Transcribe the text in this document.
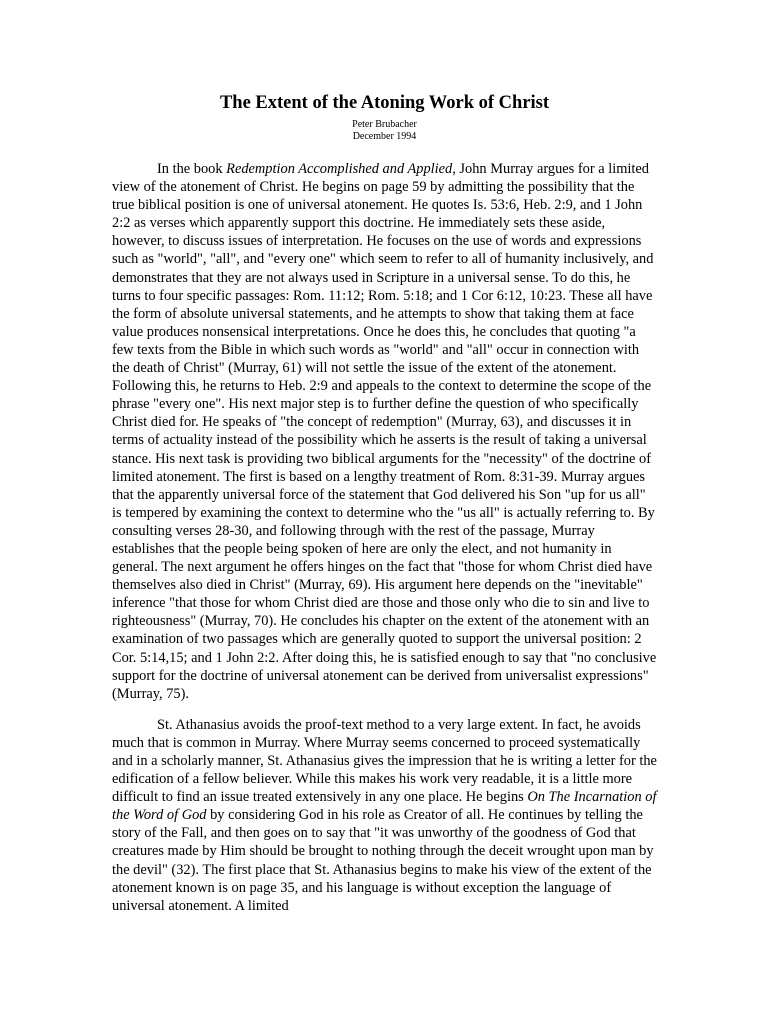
The Extent of the Atoning Work of Christ
Peter Brubacher
December 1994

In the book Redemption Accomplished and Applied, John Murray argues for a limited view of the atonement of Christ. He begins on page 59 by admitting the possibility that the true biblical position is one of universal atonement. He quotes Is. 53:6, Heb. 2:9, and 1 John 2:2 as verses which apparently support this doctrine. He immediately sets these aside, however, to discuss issues of interpretation. He focuses on the use of words and expressions such as "world", "all", and "every one" which seem to refer to all of humanity inclusively, and demonstrates that they are not always used in Scripture in a universal sense. To do this, he turns to four specific passages: Rom. 11:12; Rom. 5:18; and 1 Cor 6:12, 10:23. These all have the form of absolute universal statements, and he attempts to show that taking them at face value produces nonsensical interpretations. Once he does this, he concludes that quoting "a few texts from the Bible in which such words as "world" and "all" occur in connection with the death of Christ" (Murray, 61) will not settle the issue of the extent of the atonement. Following this, he returns to Heb. 2:9 and appeals to the context to determine the scope of the phrase "every one". His next major step is to further define the question of who specifically Christ died for. He speaks of "the concept of redemption" (Murray, 63), and discusses it in terms of actuality instead of the possibility which he asserts is the result of taking a universal stance. His next task is providing two biblical arguments for the "necessity" of the doctrine of limited atonement. The first is based on a lengthy treatment of Rom. 8:31-39. Murray argues that the apparently universal force of the statement that God delivered his Son "up for us all" is tempered by examining the context to determine who the "us all" is actually referring to. By consulting verses 28-30, and following through with the rest of the passage, Murray establishes that the people being spoken of here are only the elect, and not humanity in general. The next argument he offers hinges on the fact that "those for whom Christ died have themselves also died in Christ" (Murray, 69). His argument here depends on the "inevitable" inference "that those for whom Christ died are those and those only who die to sin and live to righteousness" (Murray, 70). He concludes his chapter on the extent of the atonement with an examination of two passages which are generally quoted to support the universal position: 2 Cor. 5:14,15; and 1 John 2:2. After doing this, he is satisfied enough to say that "no conclusive support for the doctrine of universal atonement can be derived from universalist expressions" (Murray, 75).

St. Athanasius avoids the proof-text method to a very large extent. In fact, he avoids much that is common in Murray. Where Murray seems concerned to proceed systematically and in a scholarly manner, St. Athanasius gives the impression that he is writing a letter for the edification of a fellow believer. While this makes his work very readable, it is a little more difficult to find an issue treated extensively in any one place. He begins On The Incarnation of the Word of God by considering God in his role as Creator of all. He continues by telling the story of the Fall, and then goes on to say that "it was unworthy of the goodness of God that creatures made by Him should be brought to nothing through the deceit wrought upon man by the devil" (32). The first place that St. Athanasius begins to make his view of the extent of the atonement known is on page 35, and his language is without exception the language of universal atonement. A limited
